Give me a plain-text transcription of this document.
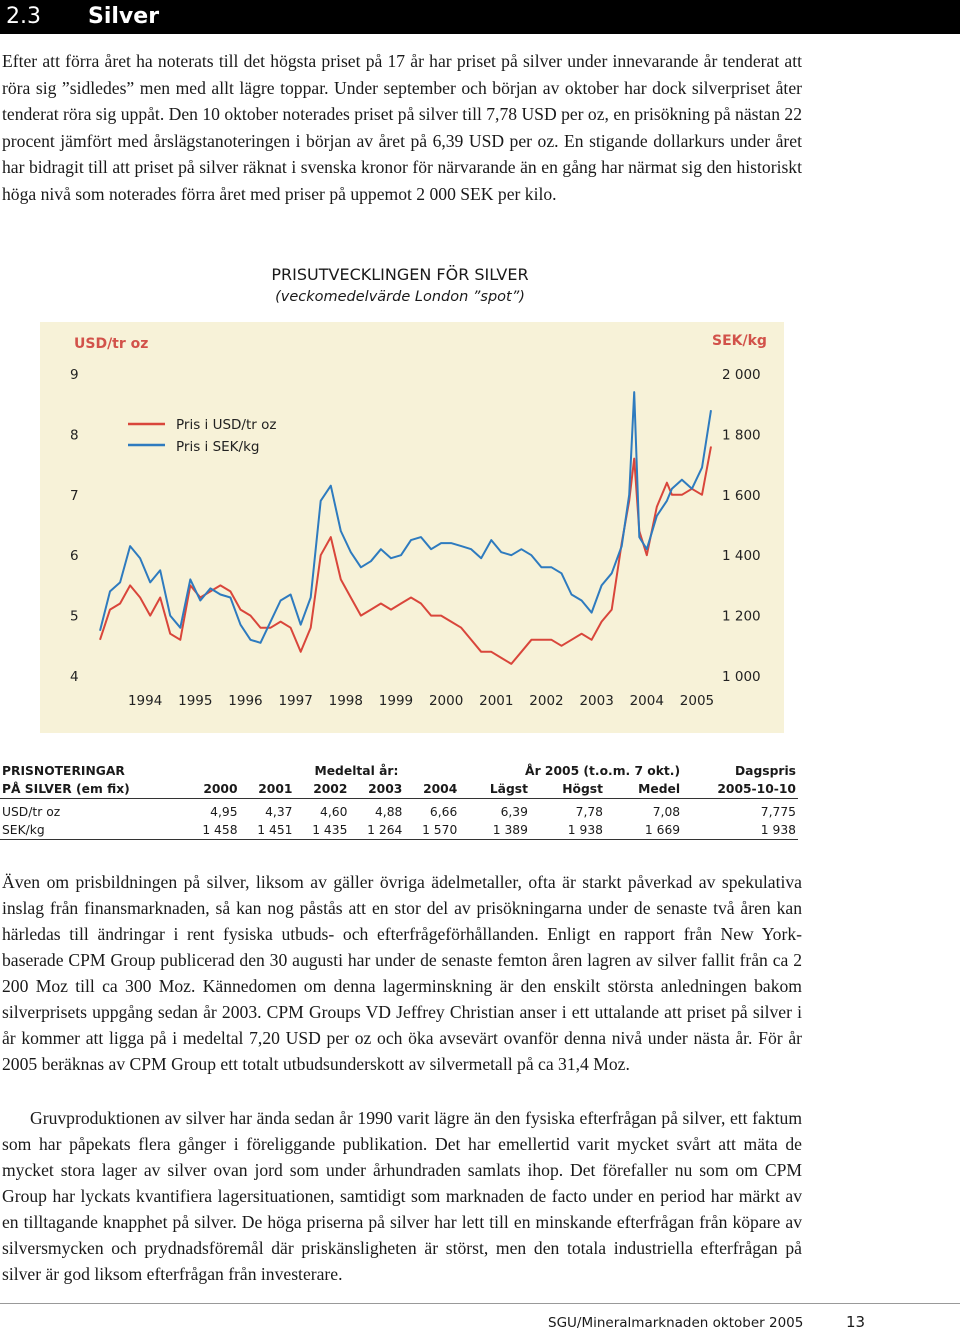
2.3 Silver

Efter att förra året ha noterats till det högsta priset på 17 år har priset på silver under innevarande år tenderat att röra sig ”sidledes” men med allt lägre toppar. Under september och början av oktober har dock silverpriset åter tenderat röra sig uppåt. Den 10 oktober noterades priset på silver till 7,78 USD per oz, en prisökning på nästan 22 procent jämfört med årslägstanoteringen i början av året på 6,39 USD per oz. En stigande dollarkurs under året har bidragit till att priset på silver räknat i svenska kronor för närvarande än en gång har närmat sig den historiskt höga nivå som noterades förra året med priser på uppemot 2 000 SEK per kilo.

PRISUTVECKLINGEN FÖR SILVER
(veckomedelvärde London ”spot”)
USD/tr oz	SEK/kg
4
5
6
7
8
9
1 000
1 200
1 400
1 600
1 800
2 000
1994 1995 1996 1997 1998 1999 2000 2001 2002 2003 2004 2005
Pris i USD/tr oz
Pris i SEK/kg
PRISNOTERINGAR	Medeltal år:					År 2005 (t.o.m. 7 okt.)			Dagspris
PÅ SILVER (em fix)	2000	2001	2002	2003	2004	Lägst	Högst	Medel	2005-10-10

USD/tr oz	4,95	4,37	4,60	4,88	6,66	6,39	7,78	7,08	7,775
SEK/kg	1 458	1 451	1 435	1 264	1 570	1 389	1 938	1 669	1 938

Även om prisbildningen på silver, liksom av gäller övriga ädelmetaller, ofta är starkt påverkad av spekulativa inslag från finansmarknaden, så kan nog påstås att en stor del av prisökningarna under de senaste två åren kan härledas till ändringar i rent fysiska utbuds- och efterfrågeförhållanden. Enligt en rapport från New York-baserade CPM Group publicerad den 30 augusti har under de senaste femton åren lagren av silver fallit från ca 2 200 Moz till ca 300 Moz. Kännedomen om denna lagerminskning är den enskilt största anledningen bakom silverprisets uppgång sedan år 2003. CPM Groups VD Jeffrey Christian anser i ett uttalande att priset på silver i år kommer att ligga på i medeltal 7,20 USD per oz och öka avsevärt ovanför denna nivå under nästa år. För år 2005 beräknas av CPM Group ett totalt utbudsunderskott av silvermetall på ca 31,4 Moz.

Gruvproduktionen av silver har ända sedan år 1990 varit lägre än den fysiska efterfrågan på silver, ett faktum som har påpekats flera gånger i föreliggande publikation. Det har emellertid varit mycket svårt att mäta de mycket stora lager av silver ovan jord som under århundraden samlats ihop. Det förefaller nu som om CPM Group har lyckats kvantifiera lagersituationen, samtidigt som marknaden de facto under en period har märkt av en tilltagande knapphet på silver. De höga priserna på silver har lett till en minskande efterfrågan från köpare av silversmycken och prydnadsföremål där priskänsligheten är störst, men den totala industriella efterfrågan på silver är god liksom efterfrågan från investerare.

SGU/Mineralmarknaden oktober 2005	13
